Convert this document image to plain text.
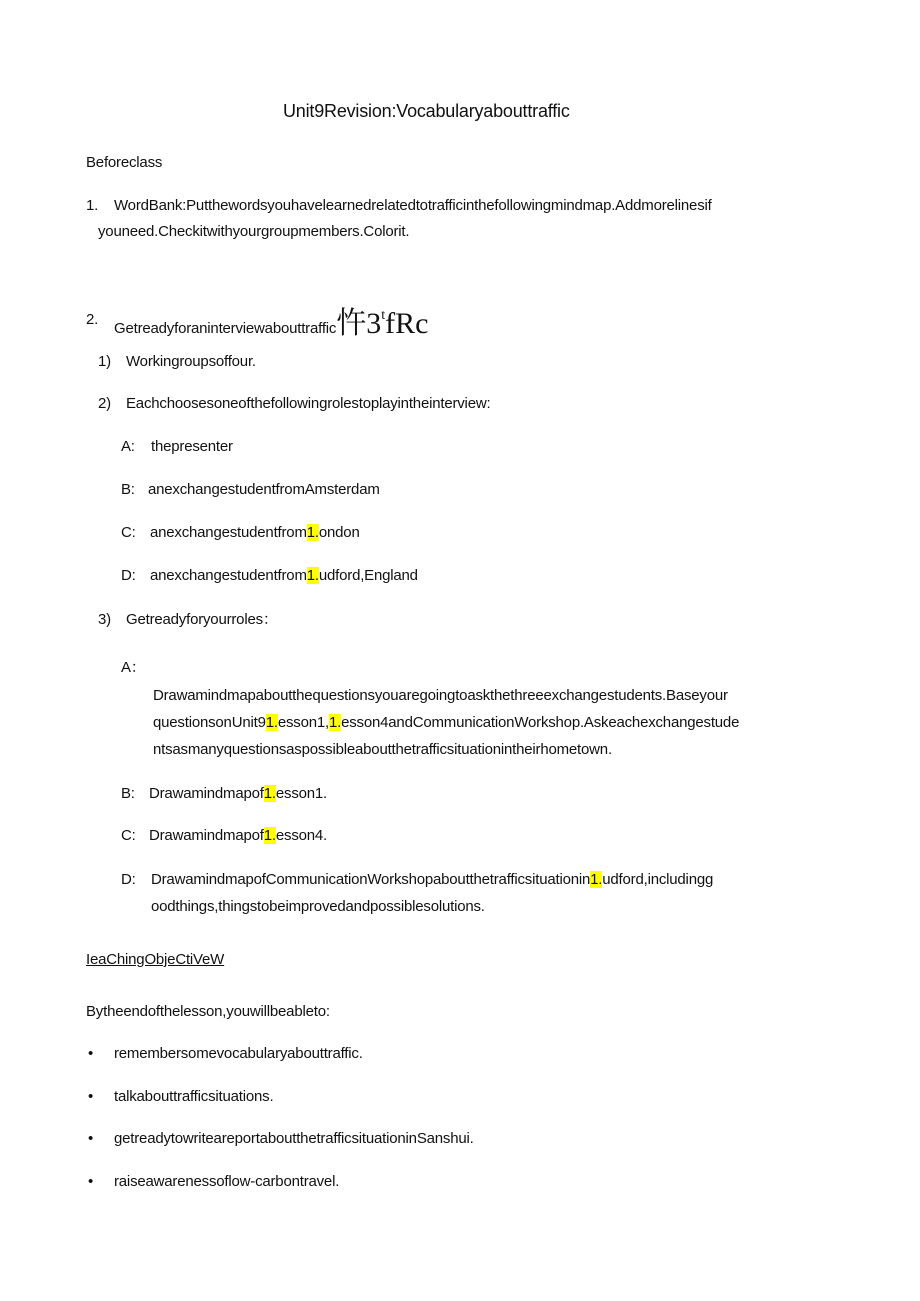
Unit9Revision:Vocabularyabouttraffic
Beforeclass
1. WordBank:Putthewordsyouhavelearnedrelatedtotrafficinthefollowingmindmap.Addmorelinesif
youneed.Checkitwithyourgroupmembers.Colorit.
2.
Getreadyforaninterviewabouttraffic忤3$^t$fRc
1) Workingroupsoffour.
2) Eachchoosesoneofthefollowingrolestoplayintheinterview:
A: thepresenter
B: anexchangestudentfromAmsterdam
C: anexchangestudentfrom1.ondon
D: anexchangestudentfrom1.udford,England
3) Getreadyforyourroles：
A：
Drawamindmapaboutthequestionsyouaregoingtoaskthethreeexchangestudents.Baseyour
questionsonUnit91.esson1,1.esson4andCommunicationWorkshop.Askeachexchangestude
ntsasmanyquestionsaspossibleaboutthetrafficsituationintheirhometown.
B: Drawamindmapof1.esson1.
C: Drawamindmapof1.esson4.
D: DrawamindmapofCommunicationWorkshopaboutthetrafficsituationin1.udford,includingg
oodthings,thingstobeimprovedandpossiblesolutions.
IeaChingObjeCtiVeW
Bytheendofthelesson,youwillbeableto:
• remembersomevocabularyabouttraffic.
• talkabouttrafficsituations.
• getreadytowriteareportaboutthetrafficsituationinSanshui.
• raiseawarenessoflow-carbontravel.
